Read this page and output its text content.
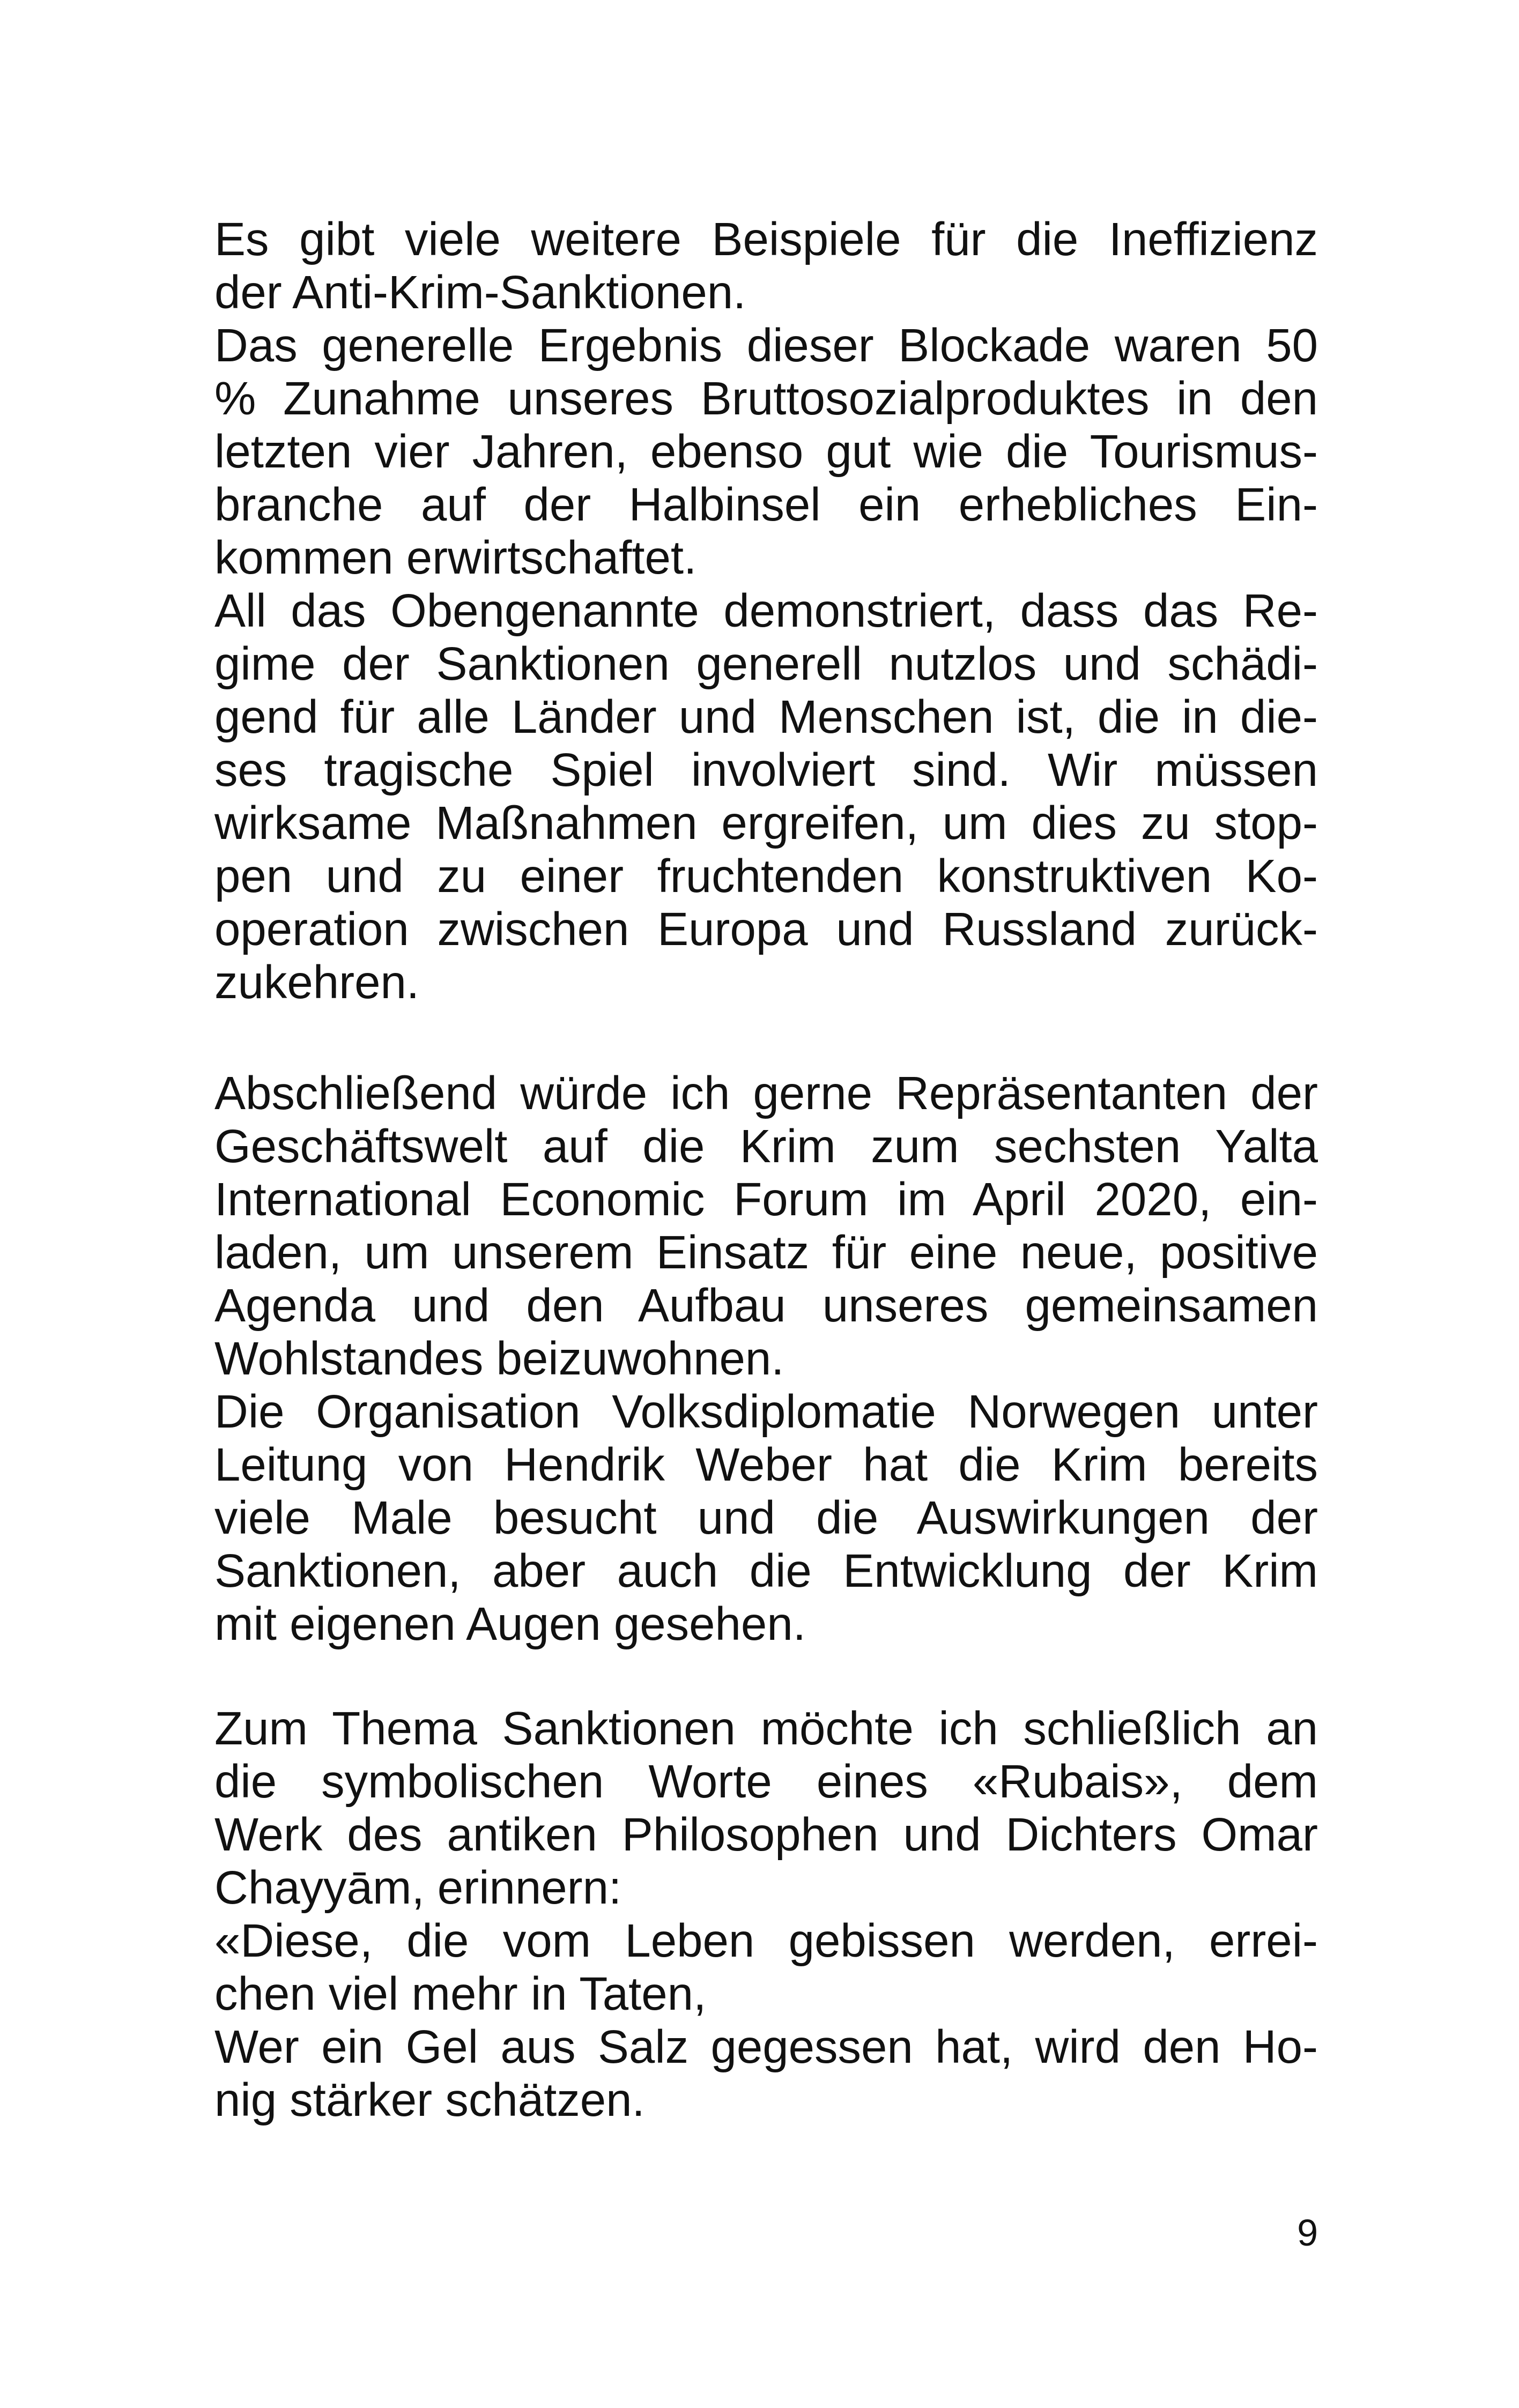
Es gibt viele weitere Beispiele für die Ineffizienz
der Anti-Krim-Sanktionen.
Das generelle Ergebnis dieser Blockade waren 50
% Zunahme unseres Bruttosozialproduktes in den
letzten vier Jahren, ebenso gut wie die Tourismus-
branche auf der Halbinsel ein erhebliches Ein-
kommen erwirtschaftet.
All das Obengenannte demonstriert, dass das Re-
gime der Sanktionen generell nutzlos und schädi-
gend für alle Länder und Menschen ist, die in die-
ses tragische Spiel involviert sind. Wir müssen
wirksame Maßnahmen ergreifen, um dies zu stop-
pen und zu einer fruchtenden konstruktiven Ko-
operation zwischen Europa und Russland zurück-
zukehren.
Abschließend würde ich gerne Repräsentanten der
Geschäftswelt auf die Krim zum sechsten Yalta
International Economic Forum im April 2020, ein-
laden, um unserem Einsatz für eine neue, positive
Agenda und den Aufbau unseres gemeinsamen
Wohlstandes beizuwohnen.
Die Organisation Volksdiplomatie Norwegen unter
Leitung von Hendrik Weber hat die Krim bereits
viele Male besucht und die Auswirkungen der
Sanktionen, aber auch die Entwicklung der Krim
mit eigenen Augen gesehen.
Zum Thema Sanktionen möchte ich schließlich an
die symbolischen Worte eines «Rubais», dem
Werk des antiken Philosophen und Dichters Omar
Chayyām, erinnern:
«Diese, die vom Leben gebissen werden, errei-
chen viel mehr in Taten,
Wer ein Gel aus Salz gegessen hat, wird den Ho-
nig stärker schätzen.
9
